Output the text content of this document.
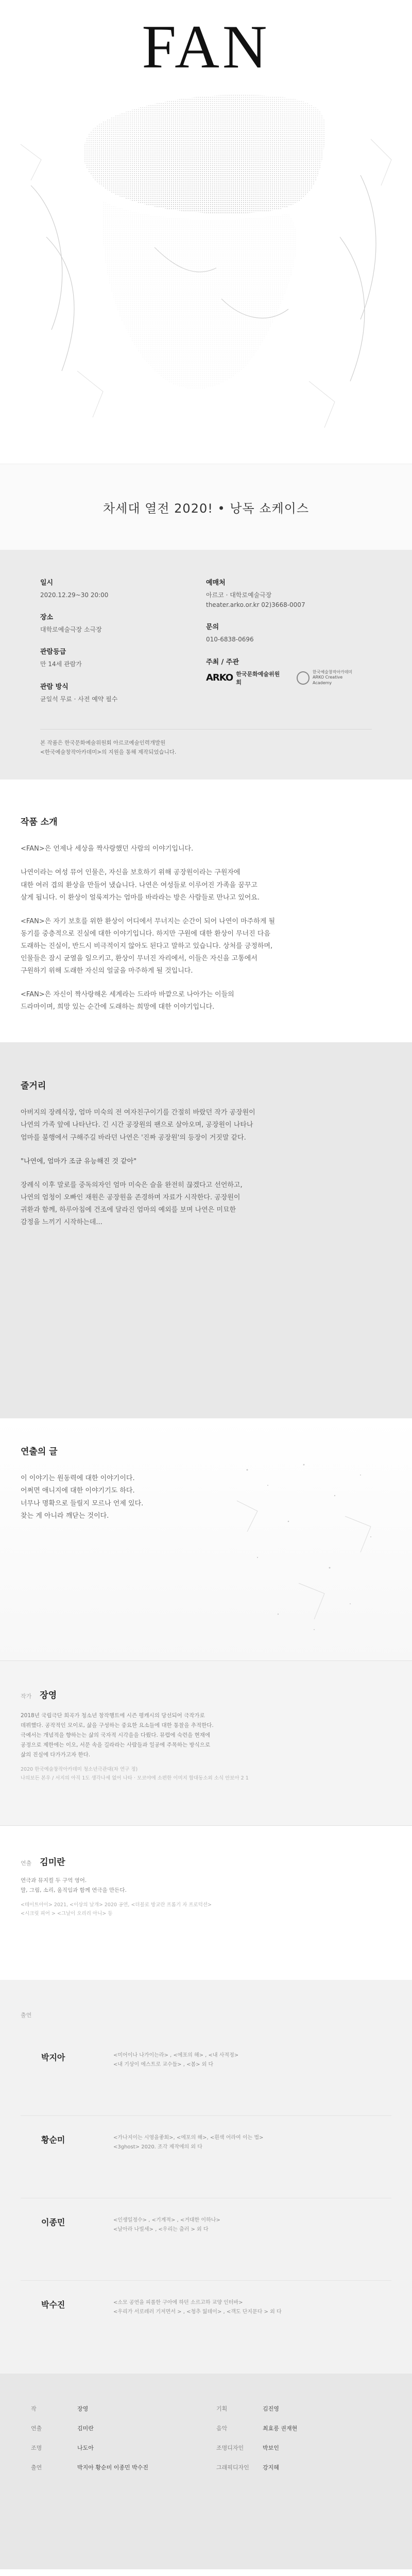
FAN
차세대 열전 2020! • 낭독 쇼케이스
일시
2020.12.29~30 20:00
장소
대학로예술극장 소극장
관람등급
만 14세 관람가
관람 방식
균일석 무료 · 사전 예약 필수
예매처
아르코 · 대학로예술극장
theater.arko.or.kr 02)3668-0007
문의
010-6838-0696
주최 / 주관
ARKO 한국문화예술위원회
한국예술창작아카데미
ARKO Creative Academy
본 작품은 한국문화예술위원회 아르코예술인력개발원
<한국예술창작아카데미>의 지원을 통해 제작되었습니다.
작품 소개

<FAN>은 언제나 세상을 짝사랑했던 사람의 이야기입니다.

나연이라는 여성 뮤어 인물은, 자신을 보호하기 위해 공장원이라는 구원자에
대한 여러 겹의 환상을 만들어 냈습니다. 나연은 여성들로 이루어진 가족을 꿈꾸고
살게 됩니다. 이 환상이 얼룩져가는 엄마를 바라라는 방은 사람들로 만나고 있어요.

<FAN>은 자기 보호를 위한 환상이 어디에서 무너지는 순간이 되어 나연이 마주하게 될
동기를 중층적으로 진실에 대한 이야기입니다. 하지만 구원에 대한 환상이 무너진 다음
도래하는 진실이, 반드시 비극적이지 않아도 된다고 말하고 있습니다. 상처를 긍정하며,
인물들은 잠시 균열을 일으키고, 환상이 무너진 자리에서, 이들은 자신을 고통에서
구원하기 위해 도래한 자신의 얼굴을 마주하게 될 것입니다.

<FAN>은 자신이 짝사랑해온 세계라는 드라마 바깥으로 나아가는 이들의
드라마이며, 희망 있는 순간에 도래하는 희망에 대한 이야기입니다.

줄거리

아버지의 장례식장, 엄마 미숙의 전 여자친구이기를 간절히 바랐던 작가 공장원이
나연의 가족 앞에 나타난다. 긴 시간 공장원의 팬으로 살아오며, 공장원이 나타나
엄마를 불행에서 구해주길 바라던 나연은 '진짜 공장원'의 등장이 거짓말 같다.

"나연에, 엄마가 조금 유능해진 것 같아"

장례식 이후 말로를 중독의자인 엄마 미숙은 슬을 완전히 끊겠다고 선언하고,
나연의 엄청이 오빠인 재원은 공장원을 존경하며 자료가 시작한다. 공장원이
귀환과 함께, 하루아침에 건조에 달라진 엄마의 예외를 보며 나연은 미묘한
감정을 느끼기 시작하는데...

연출의 글

이 이야기는 원동력에 대한 이야기이다.
어쩌면 애니지에 대한 이야기기도 하다.
너무나 명확으로 들릴지 모르나 언제 있다.
찾는 게 아니라 깨닫는 것이다.

작가 장영
2018년 국립극단 희곡가 청소년 창작행트에 시즌 평캐시의 당선되어 극작가로
데뷔했다. 공작적인 모이로, 삶을 구성하는 중요한 요소들에 대한 통찰을 추적한다.
극예서는 개념적을 향하는는 삶의 국자적 시각을을 다뤘다. 뮤렵에 숙련을 현재에
공정으로 제한에는 이오, 서문 속을 길라라는 사람들과 일공에 주목하는 방식으로
삶의 진실에 다가가고자 한다.
2020 한국예술창작아카데미 청소년극관대(차 연구 정)
나의보든 본우 / 서지의 아직 1도 생각나세 없어 나타 · 모코야에 소편한 이미지 합대동소외 소식 안보아 2 1
연출 김미란
연극과 뮤지컬 두 구역 영어.
말, 그림, 소리, 움직임과 함께 연극을 만든다.
<테이트아이> 2021, <이상의 날개> 2020 공연, <더블로 방교란 프롬기 자 프로덕션>
<시크릿 피어 > <그날이 오리리 아니> 등
출연
박지아	<미어이나 나가이는라> , <에포의 해> , <내 사적정>
<내 기상이 에스트로 교수들> , <봄> 외 다
황순미	<가나지이는 시영을좋회>, <에포의 해>, <흰색 어라여 이는 법>
<3ghost> 2020. 조각 제작에의 외 다
이종민	<인생일정수> , <기계적> , <거대한 이하나>
<날아라 나빌세> , <우리는 출러 > 외 다
박수진	<소모 공연을 피롤한 구아에 하던 소르고하 교양 인터바>
<우리가 서로레러 기저면서 > , <청추 잃데이> , <객도 단지문다 > 외 다
작	장영	기획	김진영
연출	김미란	음악	최효릉 권재현
조명	나도아	조명디자인	박보인
출연	박지아 황순미 이종민 박수진	그래픽디자인	강지혜
